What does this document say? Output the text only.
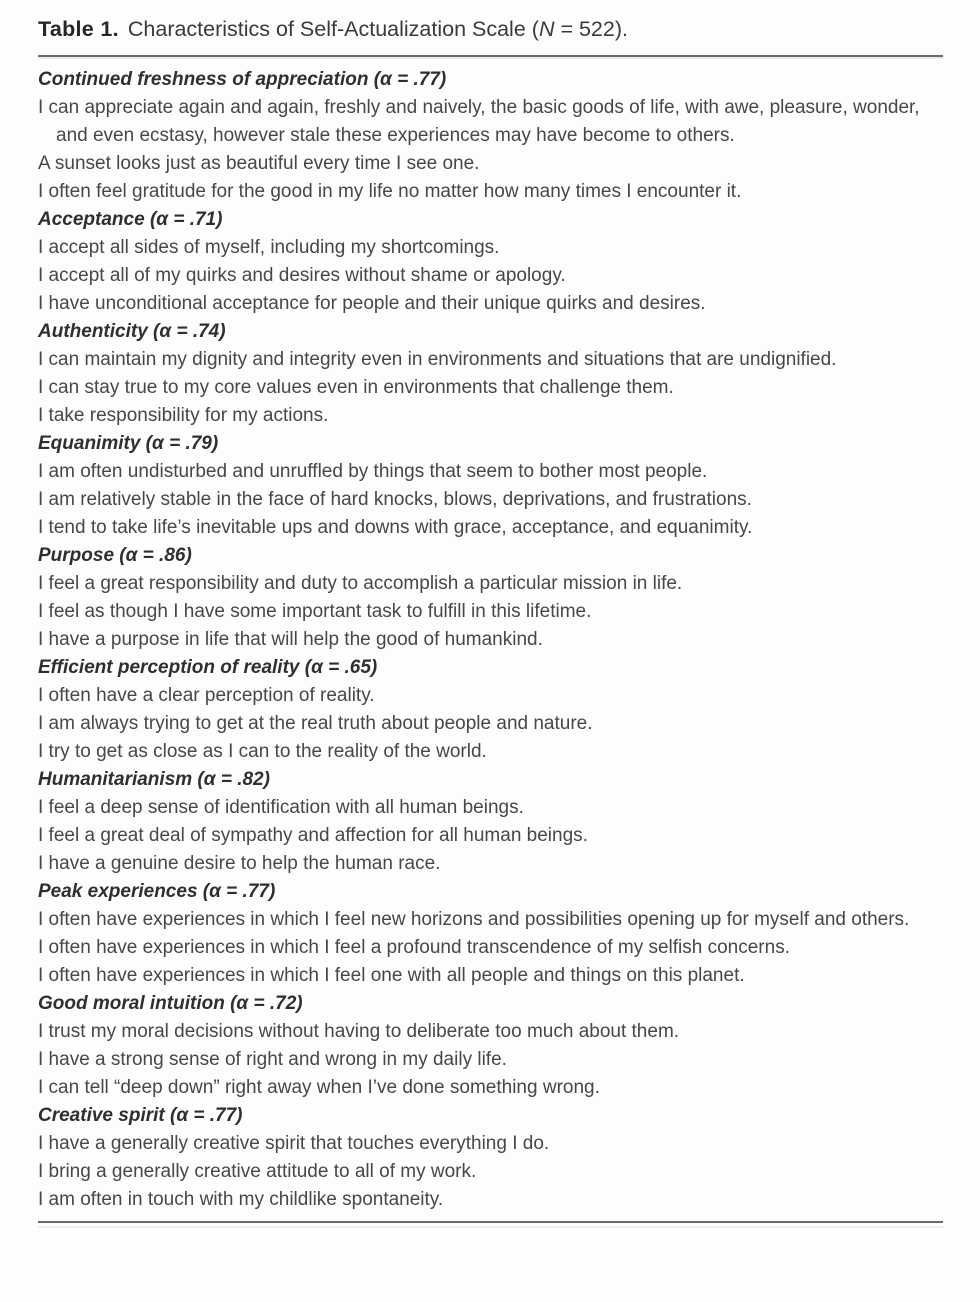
Table 1. Characteristics of Self-Actualization Scale (N = 522).
Continued freshness of appreciation (α = .77)
I can appreciate again and again, freshly and naively, the basic goods of life, with awe, pleasure, wonder, and even ecstasy, however stale these experiences may have become to others.
A sunset looks just as beautiful every time I see one.
I often feel gratitude for the good in my life no matter how many times I encounter it.
Acceptance (α = .71)
I accept all sides of myself, including my shortcomings.
I accept all of my quirks and desires without shame or apology.
I have unconditional acceptance for people and their unique quirks and desires.
Authenticity (α = .74)
I can maintain my dignity and integrity even in environments and situations that are undignified.
I can stay true to my core values even in environments that challenge them.
I take responsibility for my actions.
Equanimity (α = .79)
I am often undisturbed and unruffled by things that seem to bother most people.
I am relatively stable in the face of hard knocks, blows, deprivations, and frustrations.
I tend to take life’s inevitable ups and downs with grace, acceptance, and equanimity.
Purpose (α = .86)
I feel a great responsibility and duty to accomplish a particular mission in life.
I feel as though I have some important task to fulfill in this lifetime.
I have a purpose in life that will help the good of humankind.
Efficient perception of reality (α = .65)
I often have a clear perception of reality.
I am always trying to get at the real truth about people and nature.
I try to get as close as I can to the reality of the world.
Humanitarianism (α = .82)
I feel a deep sense of identification with all human beings.
I feel a great deal of sympathy and affection for all human beings.
I have a genuine desire to help the human race.
Peak experiences (α = .77)
I often have experiences in which I feel new horizons and possibilities opening up for myself and others.
I often have experiences in which I feel a profound transcendence of my selfish concerns.
I often have experiences in which I feel one with all people and things on this planet.
Good moral intuition (α = .72)
I trust my moral decisions without having to deliberate too much about them.
I have a strong sense of right and wrong in my daily life.
I can tell “deep down” right away when I’ve done something wrong.
Creative spirit (α = .77)
I have a generally creative spirit that touches everything I do.
I bring a generally creative attitude to all of my work.
I am often in touch with my childlike spontaneity.
